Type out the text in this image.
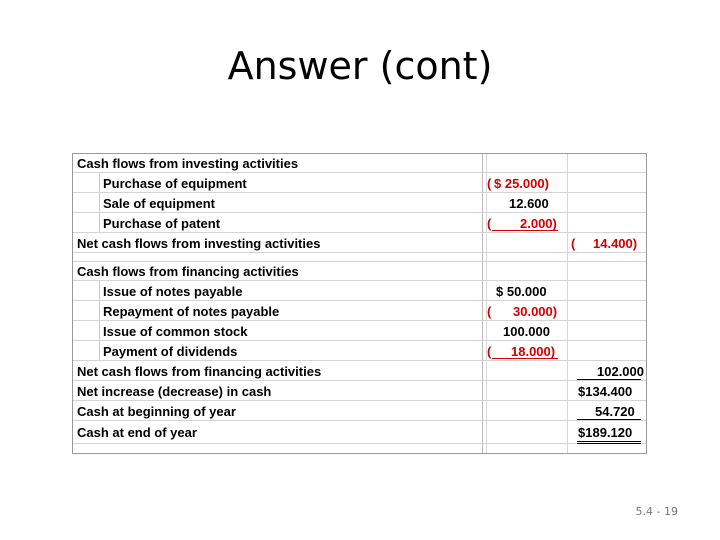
Answer (cont)
Cash flows from investing activities
Purchase of equipment	( $ 25.000)
Sale of equipment	12.600
Purchase of patent	( 2.000)
Net cash flows from investing activities	( 14.400)
Cash flows from financing activities
Issue of notes payable	$ 50.000
Repayment of notes payable	( 30.000)
Issue of common stock	100.000
Payment of dividends	( 18.000)
Net cash flows from financing activities	102.000
Net increase (decrease) in cash	$134.400
Cash at beginning of year	54.720
Cash at end of year	$189.120
5.4 - 19
